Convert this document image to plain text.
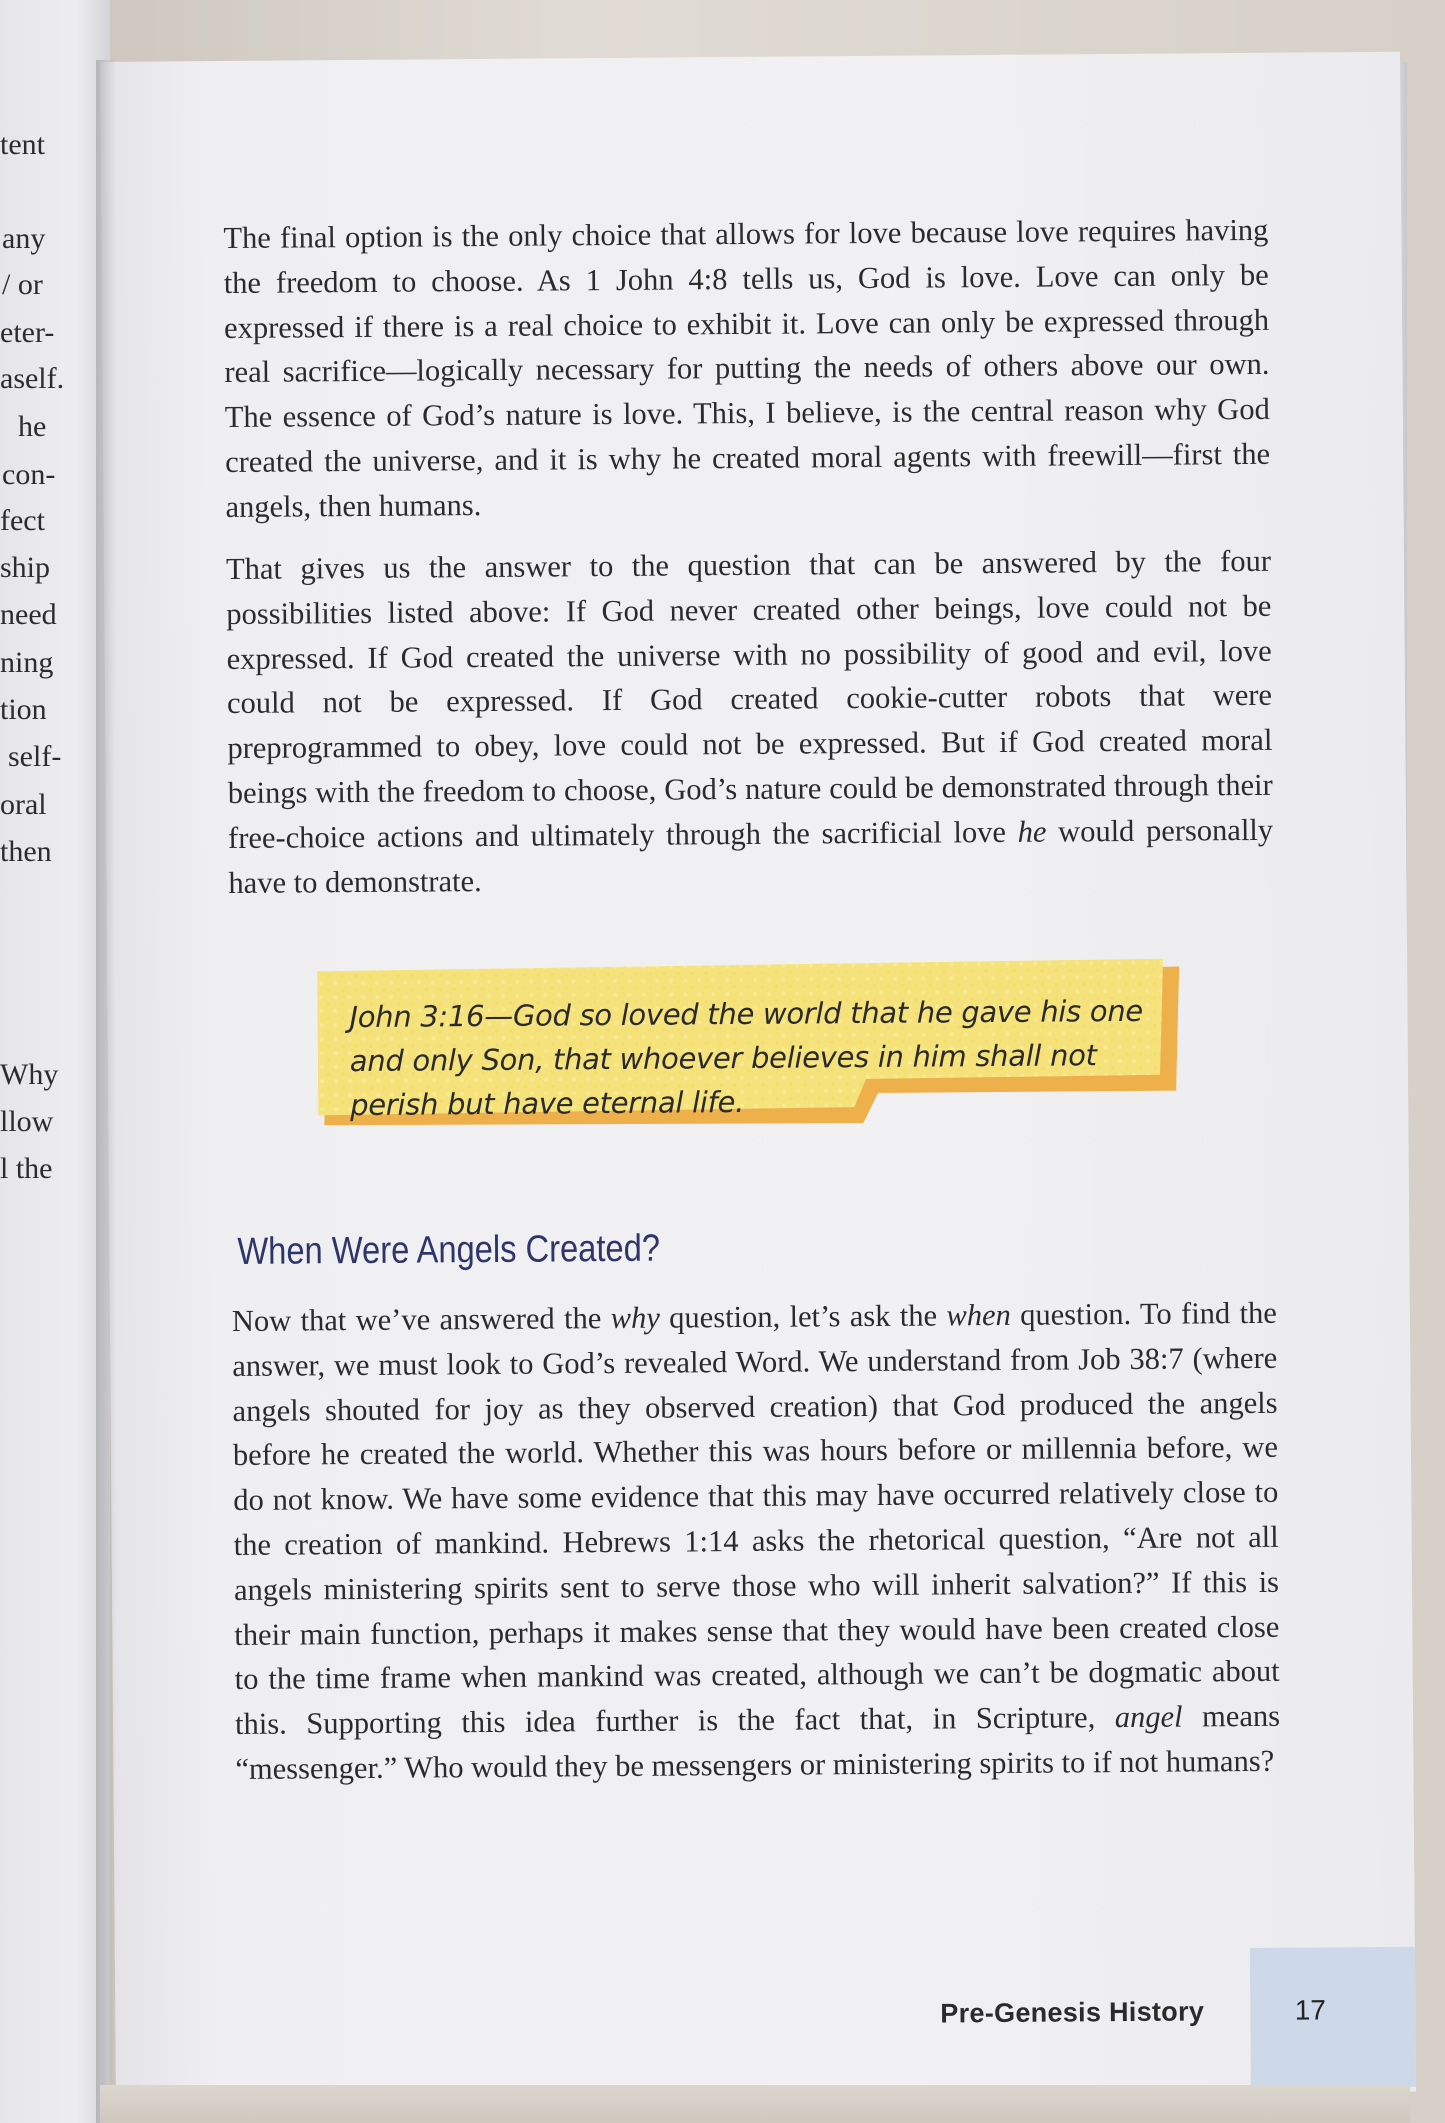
tent
any
/ or
eter-
aself.
he
con-
fect
ship
need
ning
tion
self-
oral
then
Why
llow
l the

The final option is the only choice that allows for love because love requires having the freedom to choose. As 1 John 4:8 tells us, God is love. Love can only be expressed if there is a real choice to exhibit it. Love can only be expressed through real sacrifice—logically necessary for putting the needs of others above our own. The essence of God’s nature is love. This, I believe, is the central reason why God created the universe, and it is why he created moral agents with freewill—first the angels, then humans.

That gives us the answer to the question that can be answered by the four possibilities listed above: If God never created other beings, love could not be expressed. If God created the universe with no possibility of good and evil, love could not be expressed. If God created cookie-cutter robots that were preprogrammed to obey, love could not be expressed. But if God created moral beings with the freedom to choose, God’s nature could be demonstrated through their free-choice actions and ultimately through the sacrificial love he would personally have to demonstrate.

John 3:16—God so loved the world that he gave his one and only Son, that whoever believes in him shall not perish but have eternal life.
When Were Angels Created?

Now that we’ve answered the why question, let’s ask the when question. To find the answer, we must look to God’s revealed Word. We understand from Job 38:7 (where angels shouted for joy as they observed creation) that God produced the angels before he created the world. Whether this was hours before or millennia before, we do not know. We have some evidence that this may have occurred relatively close to the creation of mankind. Hebrews 1:14 asks the rhetorical question, “Are not all angels ministering spirits sent to serve those who will inherit salvation?” If this is their main function, perhaps it makes sense that they would have been created close to the time frame when mankind was created, although we can’t be dogmatic about this. Supporting this idea further is the fact that, in Scripture, angel means “messenger.” Who would they be messengers or ministering spirits to if not humans?

Pre-Genesis History	17
